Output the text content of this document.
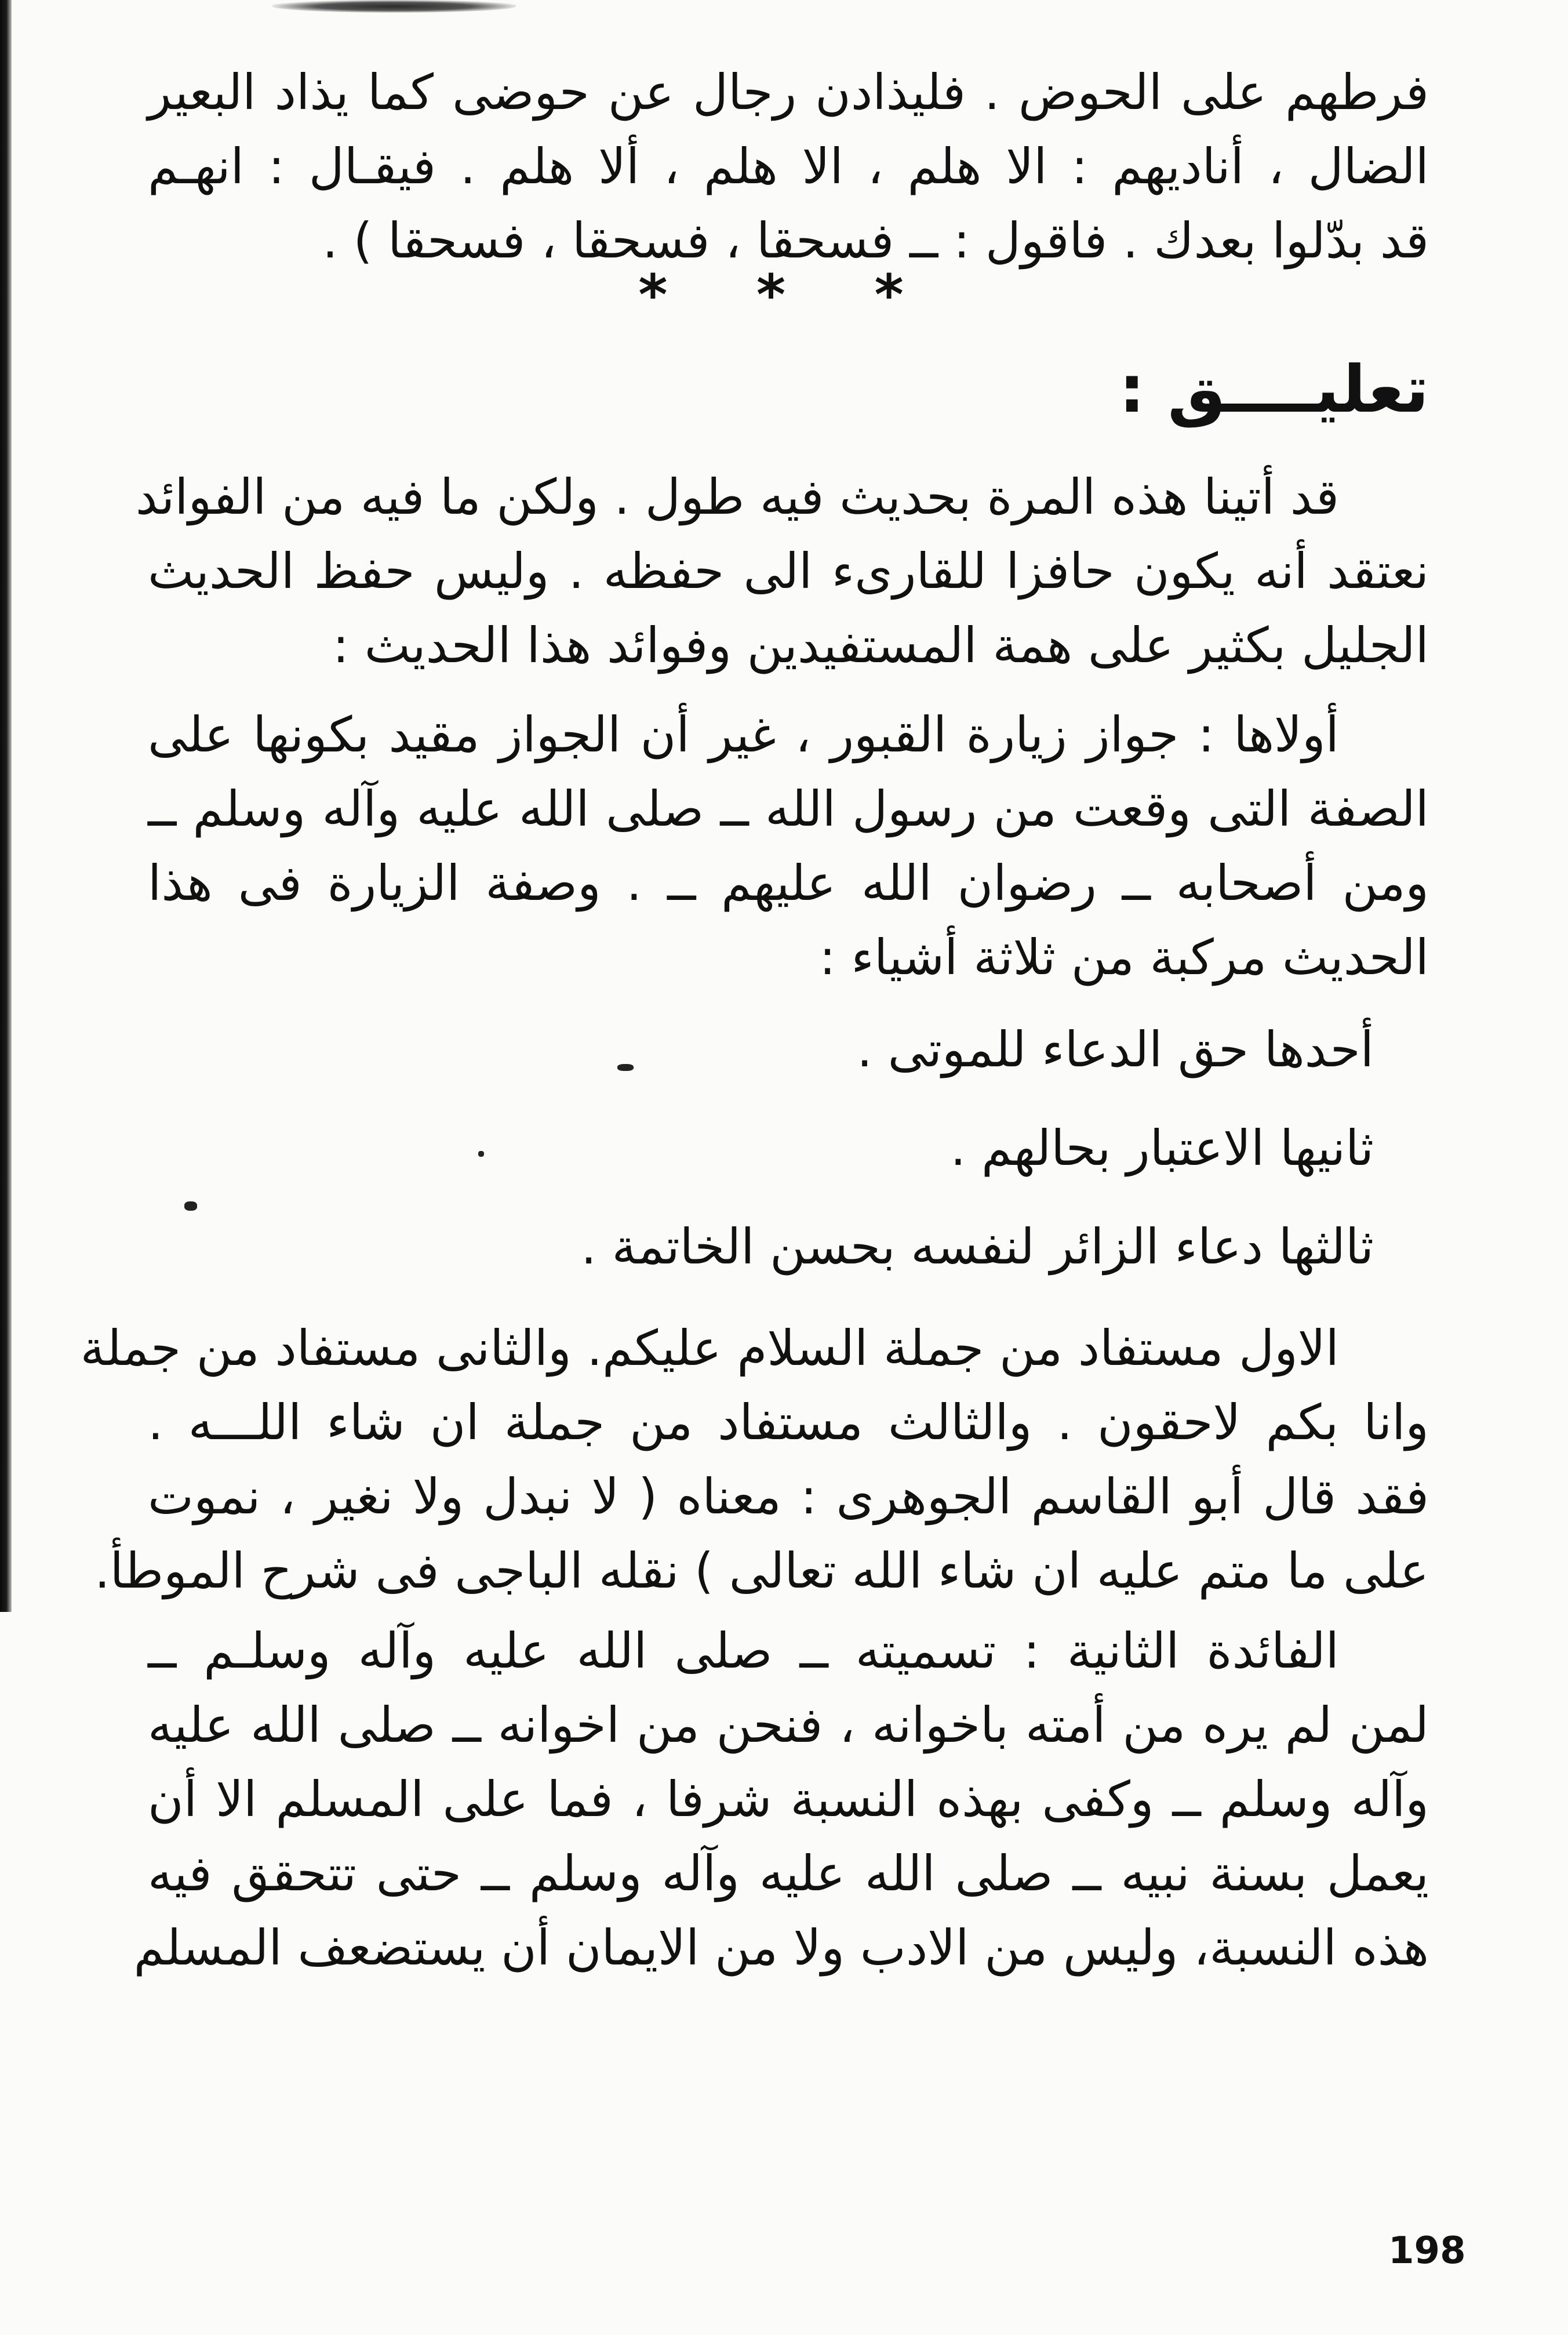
فرطهم على الحوض . فليذادن رجال عن حوضى كما يذاد البعير
الضال ، أناديهم : الا هلم ، الا هلم ، ألا هلم . فيقـال : انهـم
قد بدّلوا بعدك . فاقول : ــ فسحقا ، فسحقا ، فسحقا ) .
* * *
تعليــــق :
قد أتينا هذه المرة بحديث فيه طول . ولكن ما فيه من الفوائد
نعتقد أنه يكون حافزا للقارىء الى حفظه . وليس حفظ الحديث
الجليل بكثير على همة المستفيدين وفوائد هذا الحديث :
أولاها : جواز زيارة القبور ، غير أن الجواز مقيد بكونها على
الصفة التى وقعت من رسول الله ــ صلى الله عليه وآله وسلم ــ
ومن أصحابه ــ رضوان الله عليهم ــ . وصفة الزيارة فى هذا
الحديث مركبة من ثلاثة أشياء :
أحدها حق الدعاء للموتى .
ثانيها الاعتبار بحالهم .
ثالثها دعاء الزائر لنفسه بحسن الخاتمة .
الاول مستفاد من جملة السلام عليكم. والثانى مستفاد من جملة
وانا بكم لاحقون . والثالث مستفاد من جملة ان شاء اللـــه .
فقد قال أبو القاسم الجوهرى : معناه ( لا نبدل ولا نغير ، نموت
على ما متم عليه ان شاء الله تعالى ) نقله الباجى فى شرح الموطأ.
الفائدة الثانية : تسميته ــ صلى الله عليه وآله وسلـم ــ
لمن لم يره من أمته باخوانه ، فنحن من اخوانه ــ صلى الله عليه
وآله وسلم ــ وكفى بهذه النسبة شرفا ، فما على المسلم الا أن
يعمل بسنة نبيه ــ صلى الله عليه وآله وسلم ــ حتى تتحقق فيه
هذه النسبة، وليس من الادب ولا من الايمان أن يستضعف المسلم
198
